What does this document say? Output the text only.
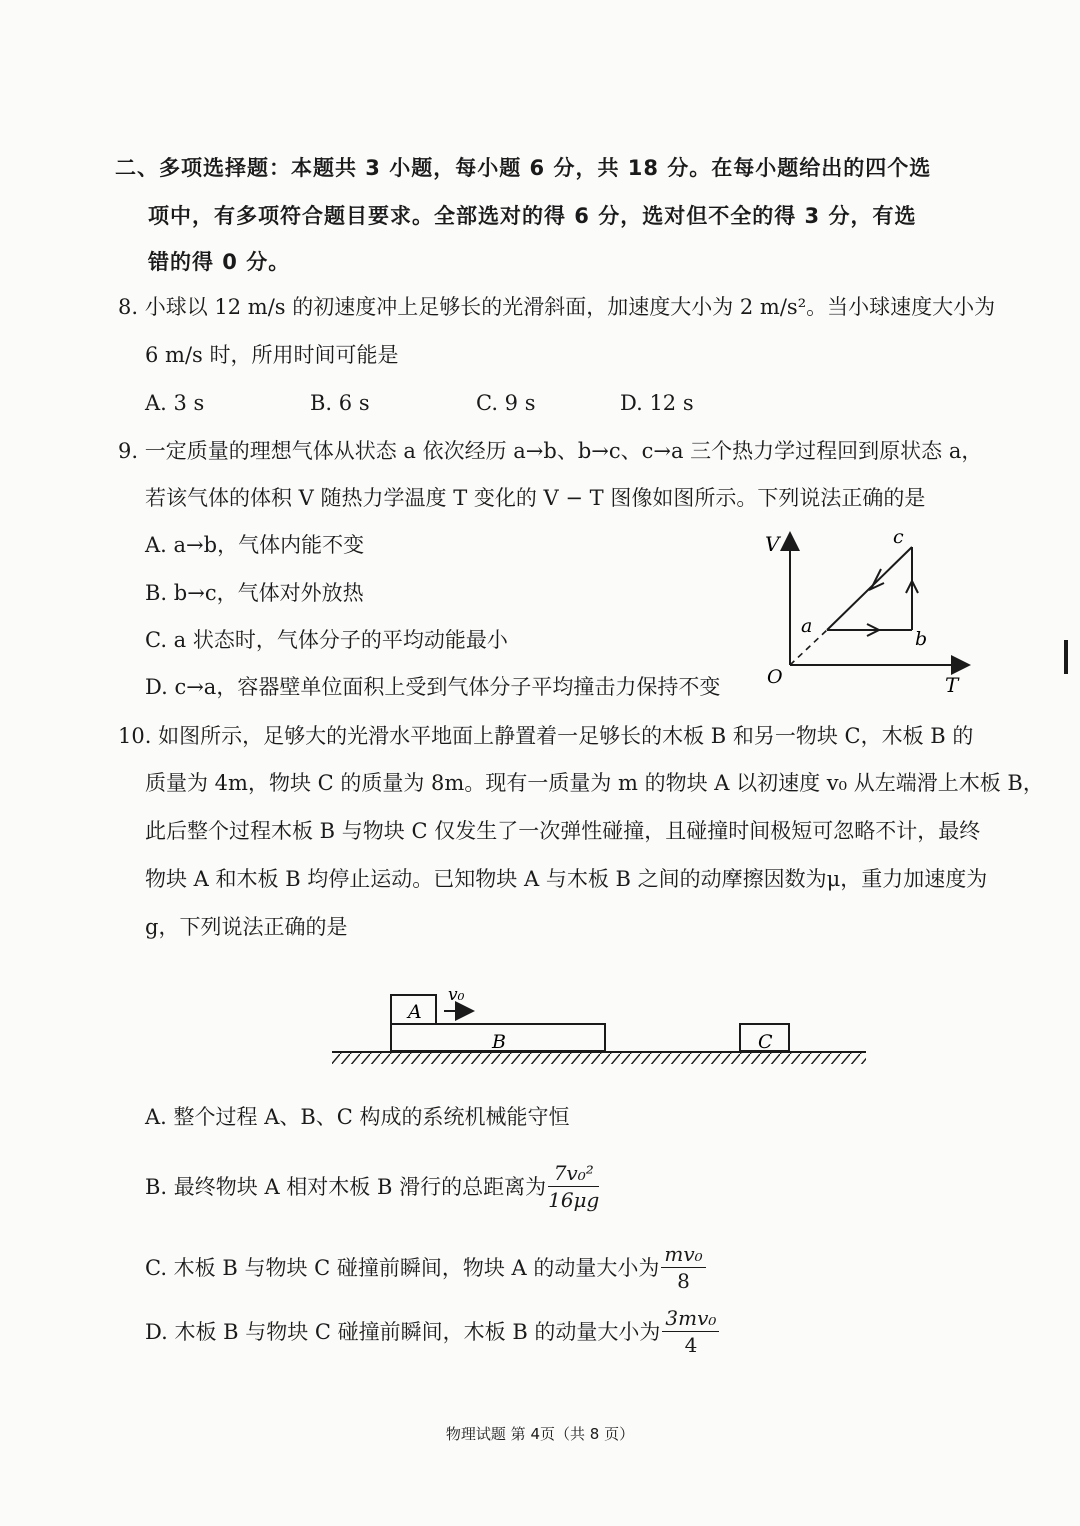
二、多项选择题：本题共 3 小题，每小题 6 分，共 18 分。在每小题给出的四个选
项中，有多项符合题目要求。全部选对的得 6 分，选对但不全的得 3 分，有选
错的得 0 分。
8. 小球以 12 m/s 的初速度冲上足够长的光滑斜面，加速度大小为 2 m/s²。当小球速度大小为
6 m/s 时，所用时间可能是
A. 3 s	B. 6 s	C. 9 s	D. 12 s
9. 一定质量的理想气体从状态 a 依次经历 a→b、b→c、c→a 三个热力学过程回到原状态 a，
若该气体的体积 V 随热力学温度 T 变化的 V − T 图像如图所示。下列说法正确的是
A. a→b，气体内能不变
B. b→c，气体对外放热
C. a 状态时，气体分子的平均动能最小
D. c→a，容器壁单位面积上受到气体分子平均撞击力保持不变
V
T
O
a
b
c
10. 如图所示，足够大的光滑水平地面上静置着一足够长的木板 B 和另一物块 C，木板 B 的
质量为 4m，物块 C 的质量为 8m。现有一质量为 m 的物块 A 以初速度 v₀ 从左端滑上木板 B，
此后整个过程木板 B 与物块 C 仅发生了一次弹性碰撞，且碰撞时间极短可忽略不计，最终
物块 A 和木板 B 均停止运动。已知物块 A 与木板 B 之间的动摩擦因数为μ，重力加速度为
g，下列说法正确的是
A
B	C
v₀
A. 整个过程 A、B、C 构成的系统机械能守恒
B. 最终物块 A 相对木板 B 滑行的总距离为 $\frac{\text{7v₀²}}{16\mu g}$
C. 木板 B 与物块 C 碰撞前瞬间，物块 A 的动量大小为 $\frac{\text{mv₀}}{8}$
D. 木板 B 与物块 C 碰撞前瞬间，木板 B 的动量大小为 $\frac{\text{3mv₀}}{4}$
物理试题 第 4页（共 8 页）
